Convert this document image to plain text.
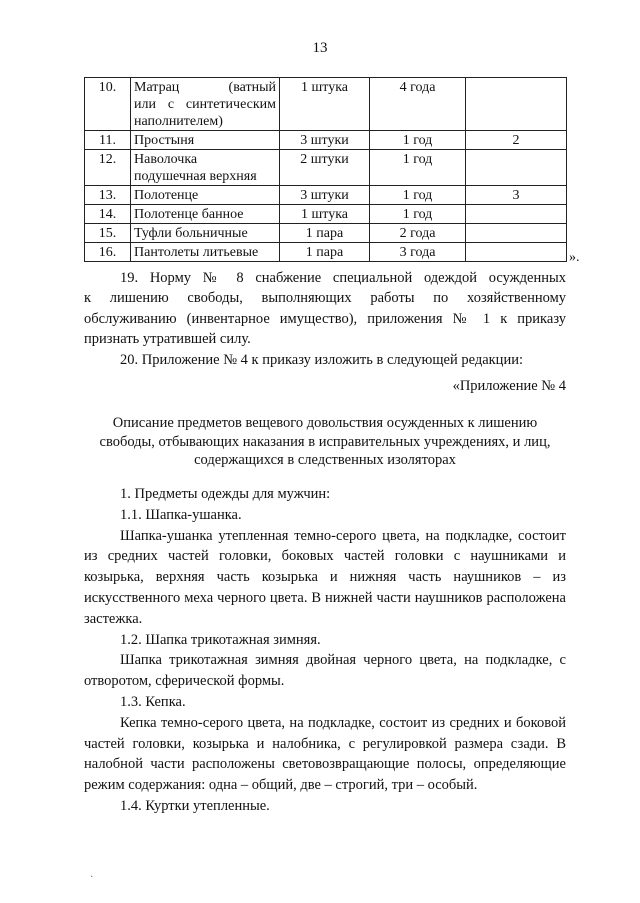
13
10.	Матрац (ватный
или с синтетическим
наполнителем)	1 штука	4 года	
11.	Простыня	3 штуки	1 год	2
12.	Наволочка
подушечная верхняя	2 штуки	1 год	
13.	Полотенце	3 штуки	1 год	3
14.	Полотенце банное	1 штука	1 год	
15.	Туфли больничные	1 пара	2 года	
16.	Пантолеты литьевые	1 пара	3 года		».

19. Норму № 8 снабжение специальной одеждой осужденных

к лишению свободы, выполняющих работы по хозяйственному

обслуживанию (инвентарное имущество), приложения № 1 к приказу

признать утратившей силу.

20. Приложение № 4 к приказу изложить в следующей редакции:

«Приложение № 4

Описание предметов вещевого довольствия осужденных к лишению

свободы, отбывающих наказания в исправительных учреждениях, и лиц,

содержащихся в следственных изоляторах

1. Предметы одежды для мужчин:

1.1. Шапка-ушанка.

Шапка-ушанка утепленная темно-серого цвета, на подкладке, состоит из средних частей головки, боковых частей головки с наушниками и козырька, верхняя часть козырька и нижняя часть наушников – из искусственного меха черного цвета. В нижней части наушников расположена застежка.

1.2. Шапка трикотажная зимняя.

Шапка трикотажная зимняя двойная черного цвета, на подкладке, с отворотом, сферической формы.

1.3. Кепка.

Кепка темно-серого цвета, на подкладке, состоит из средних и боковой частей головки, козырька и налобника, с регулировкой размера сзади. В налобной части расположены световозвращающие полосы, определяющие режим содержания: одна – общий, две – строгий, три – особый.

1.4. Куртки утепленные.

·
